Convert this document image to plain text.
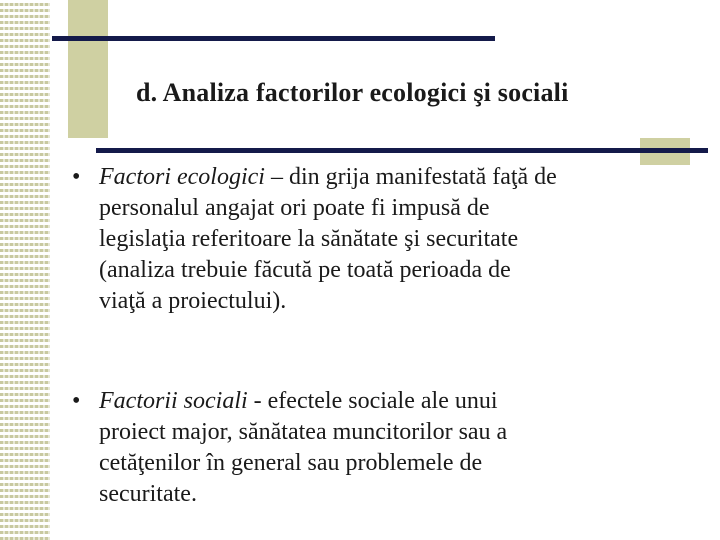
d. Analiza factorilor ecologici şi sociali
• Factori ecologici – din grija manifestată faţă de
personalul angajat ori poate fi impusă de
legislaţia referitoare la sănătate şi securitate
(analiza trebuie făcută pe toată perioada de
viaţă a proiectului).
• Factorii sociali - efectele sociale ale unui
proiect major, sănătatea muncitorilor sau a
cetăţenilor în general sau problemele de
securitate.
